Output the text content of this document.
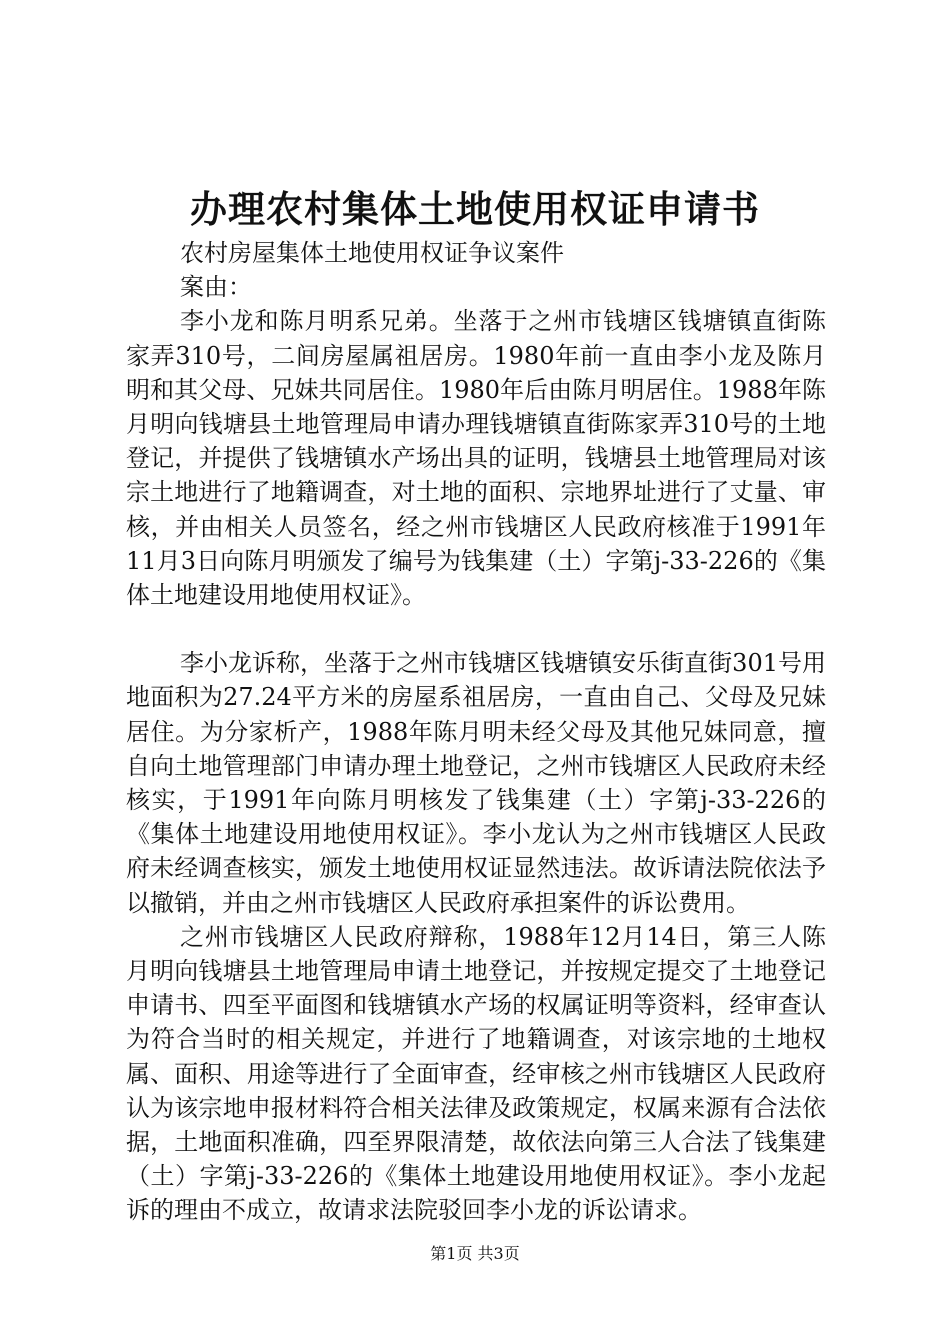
办理农村集体土地使用权证申请书

农村房屋集体土地使用权证争议案件

案由：

李小龙和陈月明系兄弟。坐落于之州市钱塘区钱塘镇直街陈家弄310号，二间房屋属祖居房。1980年前一直由李小龙及陈月明和其父母、兄妹共同居住。1980年后由陈月明居住。1988年陈月明向钱塘县土地管理局申请办理钱塘镇直街陈家弄310号的土地登记，并提供了钱塘镇水产场出具的证明，钱塘县土地管理局对该宗土地进行了地籍调查，对土地的面积、宗地界址进行了丈量、审核，并由相关人员签名，经之州市钱塘区人民政府核准于1991年11月3日向陈月明颁发了编号为钱集建（土）字第j-33-226的《集体土地建设用地使用权证》。

李小龙诉称，坐落于之州市钱塘区钱塘镇安乐街直街301号用地面积为27.24平方米的房屋系祖居房，一直由自己、父母及兄妹居住。为分家析产，1988年陈月明未经父母及其他兄妹同意，擅自向土地管理部门申请办理土地登记，之州市钱塘区人民政府未经核实，于1991年向陈月明核发了钱集建（土）字第j-33-226的《集体土地建设用地使用权证》。李小龙认为之州市钱塘区人民政府未经调查核实，颁发土地使用权证显然违法。故诉请法院依法予以撤销，并由之州市钱塘区人民政府承担案件的诉讼费用。

之州市钱塘区人民政府辩称，1988年12月14日，第三人陈月明向钱塘县土地管理局申请土地登记，并按规定提交了土地登记申请书、四至平面图和钱塘镇水产场的权属证明等资料，经审查认为符合当时的相关规定，并进行了地籍调查，对该宗地的土地权属、面积、用途等进行了全面审查，经审核之州市钱塘区人民政府认为该宗地申报材料符合相关法律及政策规定，权属来源有合法依据，土地面积准确，四至界限清楚，故依法向第三人合法了钱集建（土）字第j-33-226的《集体土地建设用地使用权证》。李小龙起诉的理由不成立，故请求法院驳回李小龙的诉讼请求。

第1页 共3页
